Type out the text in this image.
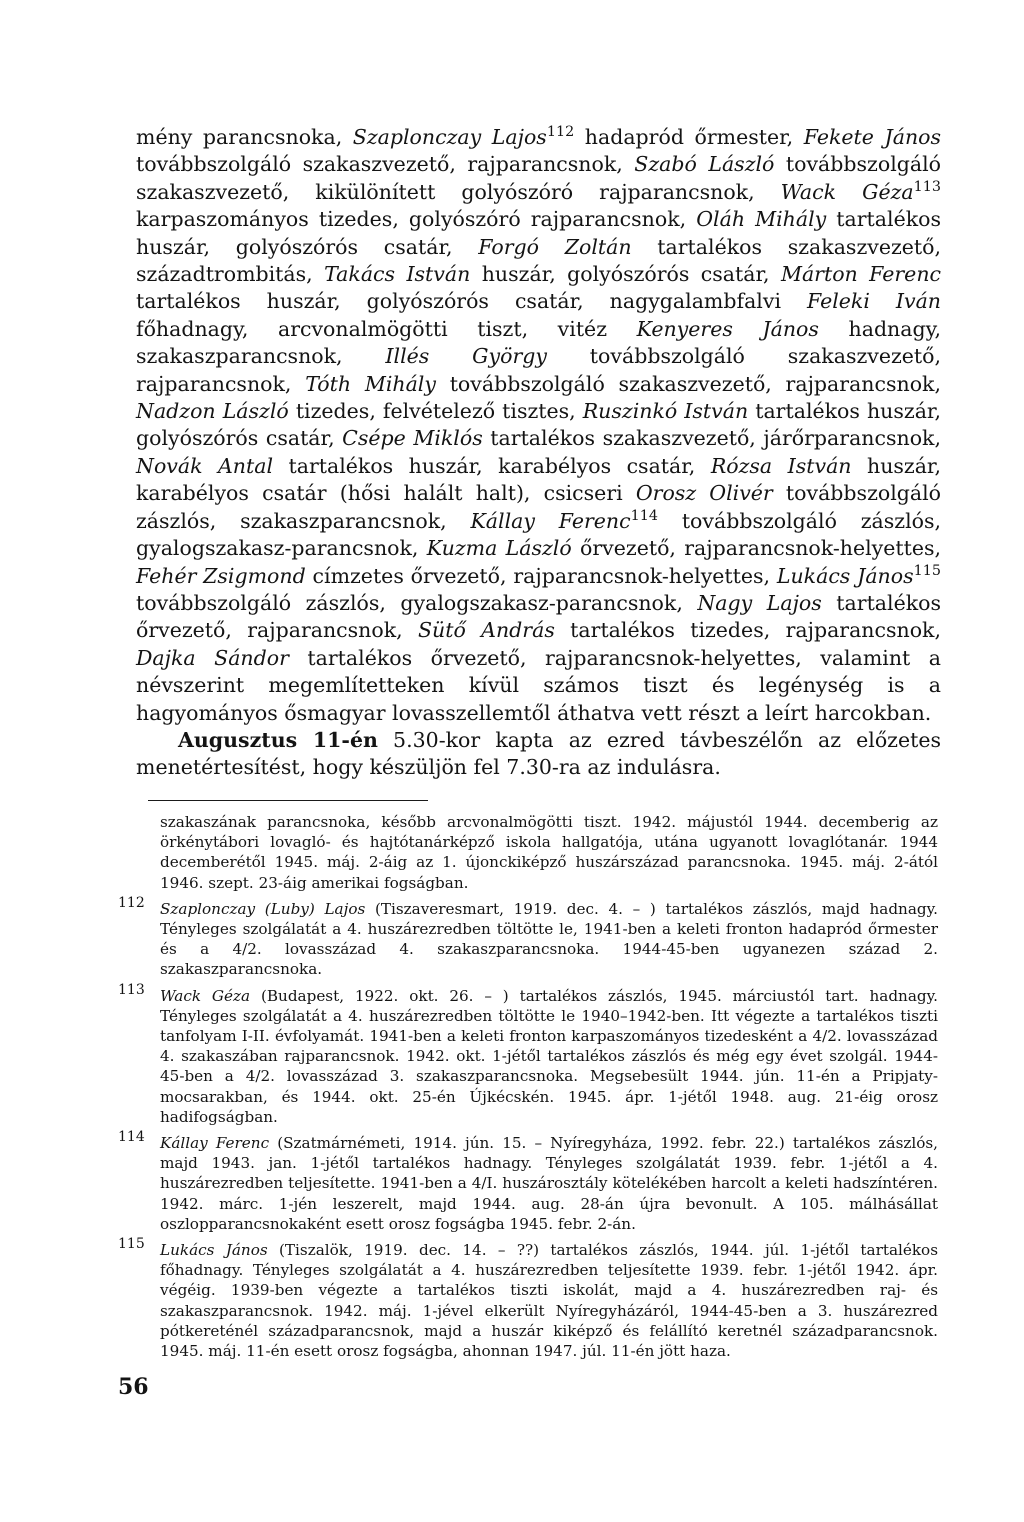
mény parancsnoka, Szaplonczay Lajos$^{112}$ hadapród őrmester, Fekete János továbbszolgáló szakaszvezető, rajparancsnok, Szabó László továbbszolgáló szakaszvezető, kikülönített golyószóró rajparancsnok, Wack Géza$^{113}$ karpaszományos tizedes, golyószóró rajparancsnok, Oláh Mihály tartalékos huszár, golyószórós csatár, Forgó Zoltán tartalékos szakaszvezető, századtrombitás, Takács István huszár, golyószórós csatár, Márton Ferenc tartalékos huszár, golyószórós csatár, nagygalambfalvi Feleki Iván főhadnagy, arcvonalmögötti tiszt, vitéz Kenyeres János hadnagy, szakaszparancsnok, Illés György továbbszolgáló szakaszvezető, rajparancsnok, Tóth Mihály továbbszolgáló szakaszvezető, rajparancsnok, Nadzon László tizedes, felvételező tisztes, Ruszinkó István tartalékos huszár, golyószórós csatár, Csépe Miklós tartalékos szakaszvezető, járőrparancsnok, Novák Antal tartalékos huszár, karabélyos csatár, Rózsa István huszár, karabélyos csatár (hősi halált halt), csicseri Orosz Olivér továbbszolgáló zászlós, szakaszparancsnok, Kállay Ferenc$^{114}$ továbbszolgáló zászlós, gyalogszakasz-parancsnok, Kuzma László őrvezető, rajparancsnok-helyettes, Fehér Zsigmond címzetes őrvezető, rajparancsnok-helyettes, Lukács János$^{115}$ továbbszolgáló zászlós, gyalogszakasz-parancsnok, Nagy Lajos tartalékos őrvezető, rajparancsnok, Sütő András tartalékos tizedes, rajparancsnok, Dajka Sándor tartalékos őrvezető, rajparancsnok-helyettes, valamint a névszerint megemlítetteken kívül számos tiszt és legénység is a hagyományos ősmagyar lovasszellemtől áthatva vett részt a leírt harcokban.

Augusztus 11-én 5.30-kor kapta az ezred távbeszélőn az előzetes menetértesítést, hogy készüljön fel 7.30-ra az indulásra.

szakaszának parancsnoka, később arcvonalmögötti tiszt. 1942. májustól 1944. decemberig az örkénytábori lovagló- és hajtótanárképző iskola hallgatója, utána ugyanott lovaglótanár. 1944 decemberétől 1945. máj. 2-áig az 1. újonckiképző huszárszázad parancsnoka. 1945. máj. 2-ától 1946. szept. 23-áig amerikai fogságban.
112	Szaplonczay (Luby) Lajos (Tiszaveresmart, 1919. dec. 4. – ) tartalékos zászlós, majd hadnagy. Tényleges szolgálatát a 4. huszárezredben töltötte le, 1941-ben a keleti fronton hadapród őrmester és a 4/2. lovasszázad 4. szakaszparancsnoka. 1944-45-ben ugyanezen század 2. szakaszparancsnoka.
113	Wack Géza (Budapest, 1922. okt. 26. – ) tartalékos zászlós, 1945. márciustól tart. hadnagy. Tényleges szolgálatát a 4. huszárezredben töltötte le 1940–1942-ben. Itt végezte a tartalékos tiszti tanfolyam I-II. évfolyamát. 1941-ben a keleti fronton karpaszományos tizedesként a 4/2. lovasszázad 4. szakaszában rajparancsnok. 1942. okt. 1-jétől tartalékos zászlós és még egy évet szolgál. 1944-45-ben a 4/2. lovasszázad 3. szakaszparancsnoka. Megsebesült 1944. jún. 11-én a Pripjaty-mocsarakban, és 1944. okt. 25-én Újkécskén. 1945. ápr. 1-jétől 1948. aug. 21-éig orosz hadifogságban.
114	Kállay Ferenc (Szatmárnémeti, 1914. jún. 15. – Nyíregyháza, 1992. febr. 22.) tartalékos zászlós, majd 1943. jan. 1-jétől tartalékos hadnagy. Tényleges szolgálatát 1939. febr. 1-jétől a 4. huszárezredben teljesítette. 1941-ben a 4/I. huszárosztály kötelékében harcolt a keleti hadszíntéren. 1942. márc. 1-jén leszerelt, majd 1944. aug. 28-án újra bevonult. A 105. málhásállat oszlopparancsnokaként esett orosz fogságba 1945. febr. 2-án.
115	Lukács János (Tiszalök, 1919. dec. 14. – ??) tartalékos zászlós, 1944. júl. 1-jétől tartalékos főhadnagy. Tényleges szolgálatát a 4. huszárezredben teljesítette 1939. febr. 1-jétől 1942. ápr. végéig. 1939-ben végezte a tartalékos tiszti iskolát, majd a 4. huszárezredben raj- és szakaszparancsnok. 1942. máj. 1-jével elkerült Nyíregyházáról, 1944-45-ben a 3. huszárezred pótkereténél századparancsnok, majd a huszár kiképző és felállító keretnél századparancsnok. 1945. máj. 11-én esett orosz fogságba, ahonnan 1947. júl. 11-én jött haza.
56
